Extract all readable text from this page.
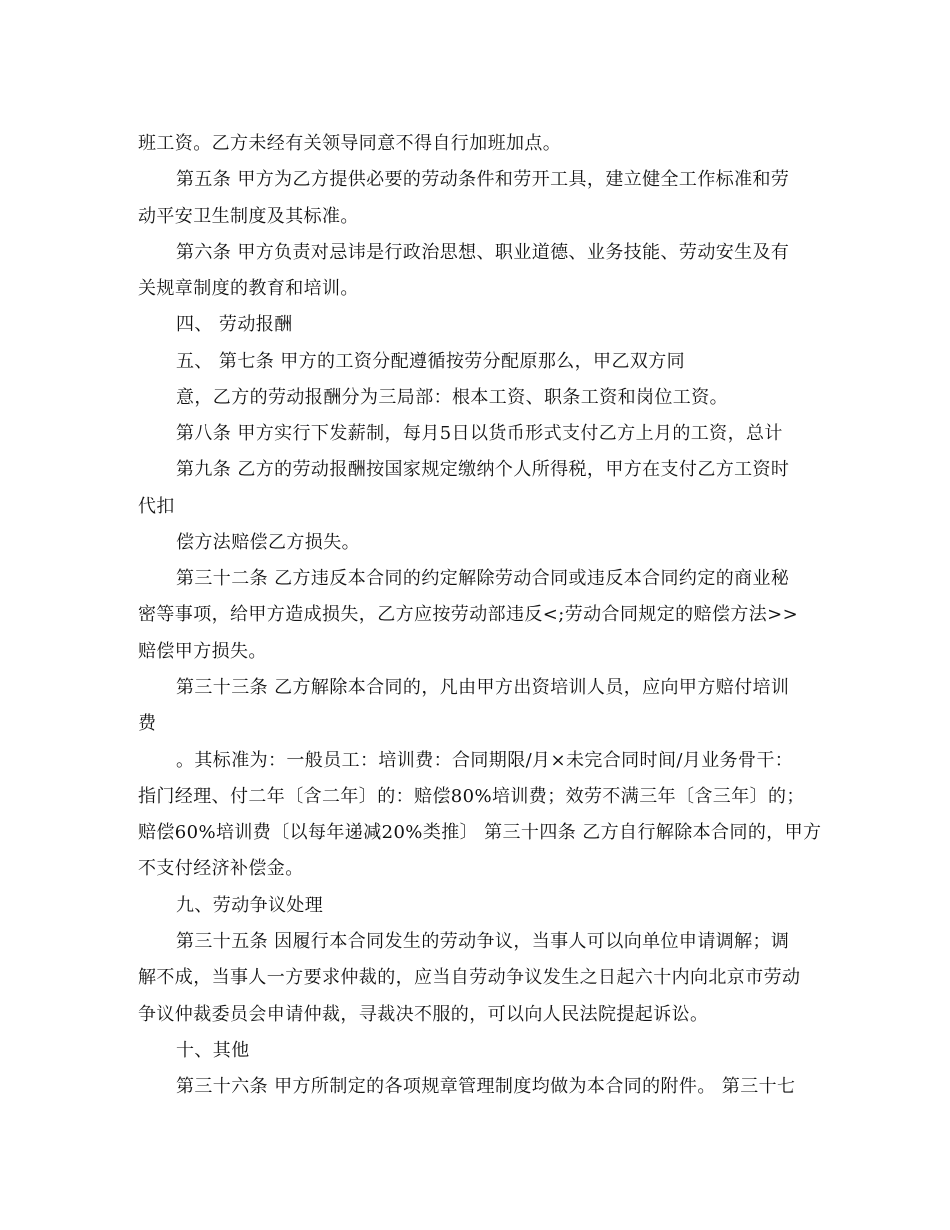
班工资。乙方未经有关领导同意不得自行加班加点。
第五条 甲方为乙方提供必要的劳动条件和劳开工具，建立健全工作标准和劳
动平安卫生制度及其标准。
第六条 甲方负责对忌讳是行政治思想、职业道德、业务技能、劳动安生及有
关规章制度的教育和培训。
四、 劳动报酬
五、 第七条 甲方的工资分配遵循按劳分配原那么，甲乙双方同
意，乙方的劳动报酬分为三局部：根本工资、职条工资和岗位工资。
第八条 甲方实行下发薪制，每月5日以货币形式支付乙方上月的工资，总计
第九条 乙方的劳动报酬按国家规定缴纳个人所得税，甲方在支付乙方工资时
代扣
偿方法赔偿乙方损失。
第三十二条 乙方违反本合同的约定解除劳动合同或违反本合同约定的商业秘
密等事项，给甲方造成损失，乙方应按劳动部违反<;劳动合同规定的赔偿方法>>
赔偿甲方损失。
第三十三条 乙方解除本合同的，凡由甲方出资培训人员，应向甲方赔付培训
费
。其标准为：一般员工：培训费：合同期限/月×未完合同时间/月业务骨干：
指门经理、付二年〔含二年〕的：赔偿80%培训费；效劳不满三年〔含三年〕的；
赔偿60%培训费〔以每年递减20%类推〕 第三十四条 乙方自行解除本合同的，甲方
不支付经济补偿金。
九、劳动争议处理
第三十五条 因履行本合同发生的劳动争议，当事人可以向单位申请调解；调
解不成，当事人一方要求仲裁的，应当自劳动争议发生之日起六十内向北京市劳动
争议仲裁委员会申请仲裁，寻裁决不服的，可以向人民法院提起诉讼。
十、其他
第三十六条 甲方所制定的各项规章管理制度均做为本合同的附件。 第三十七
